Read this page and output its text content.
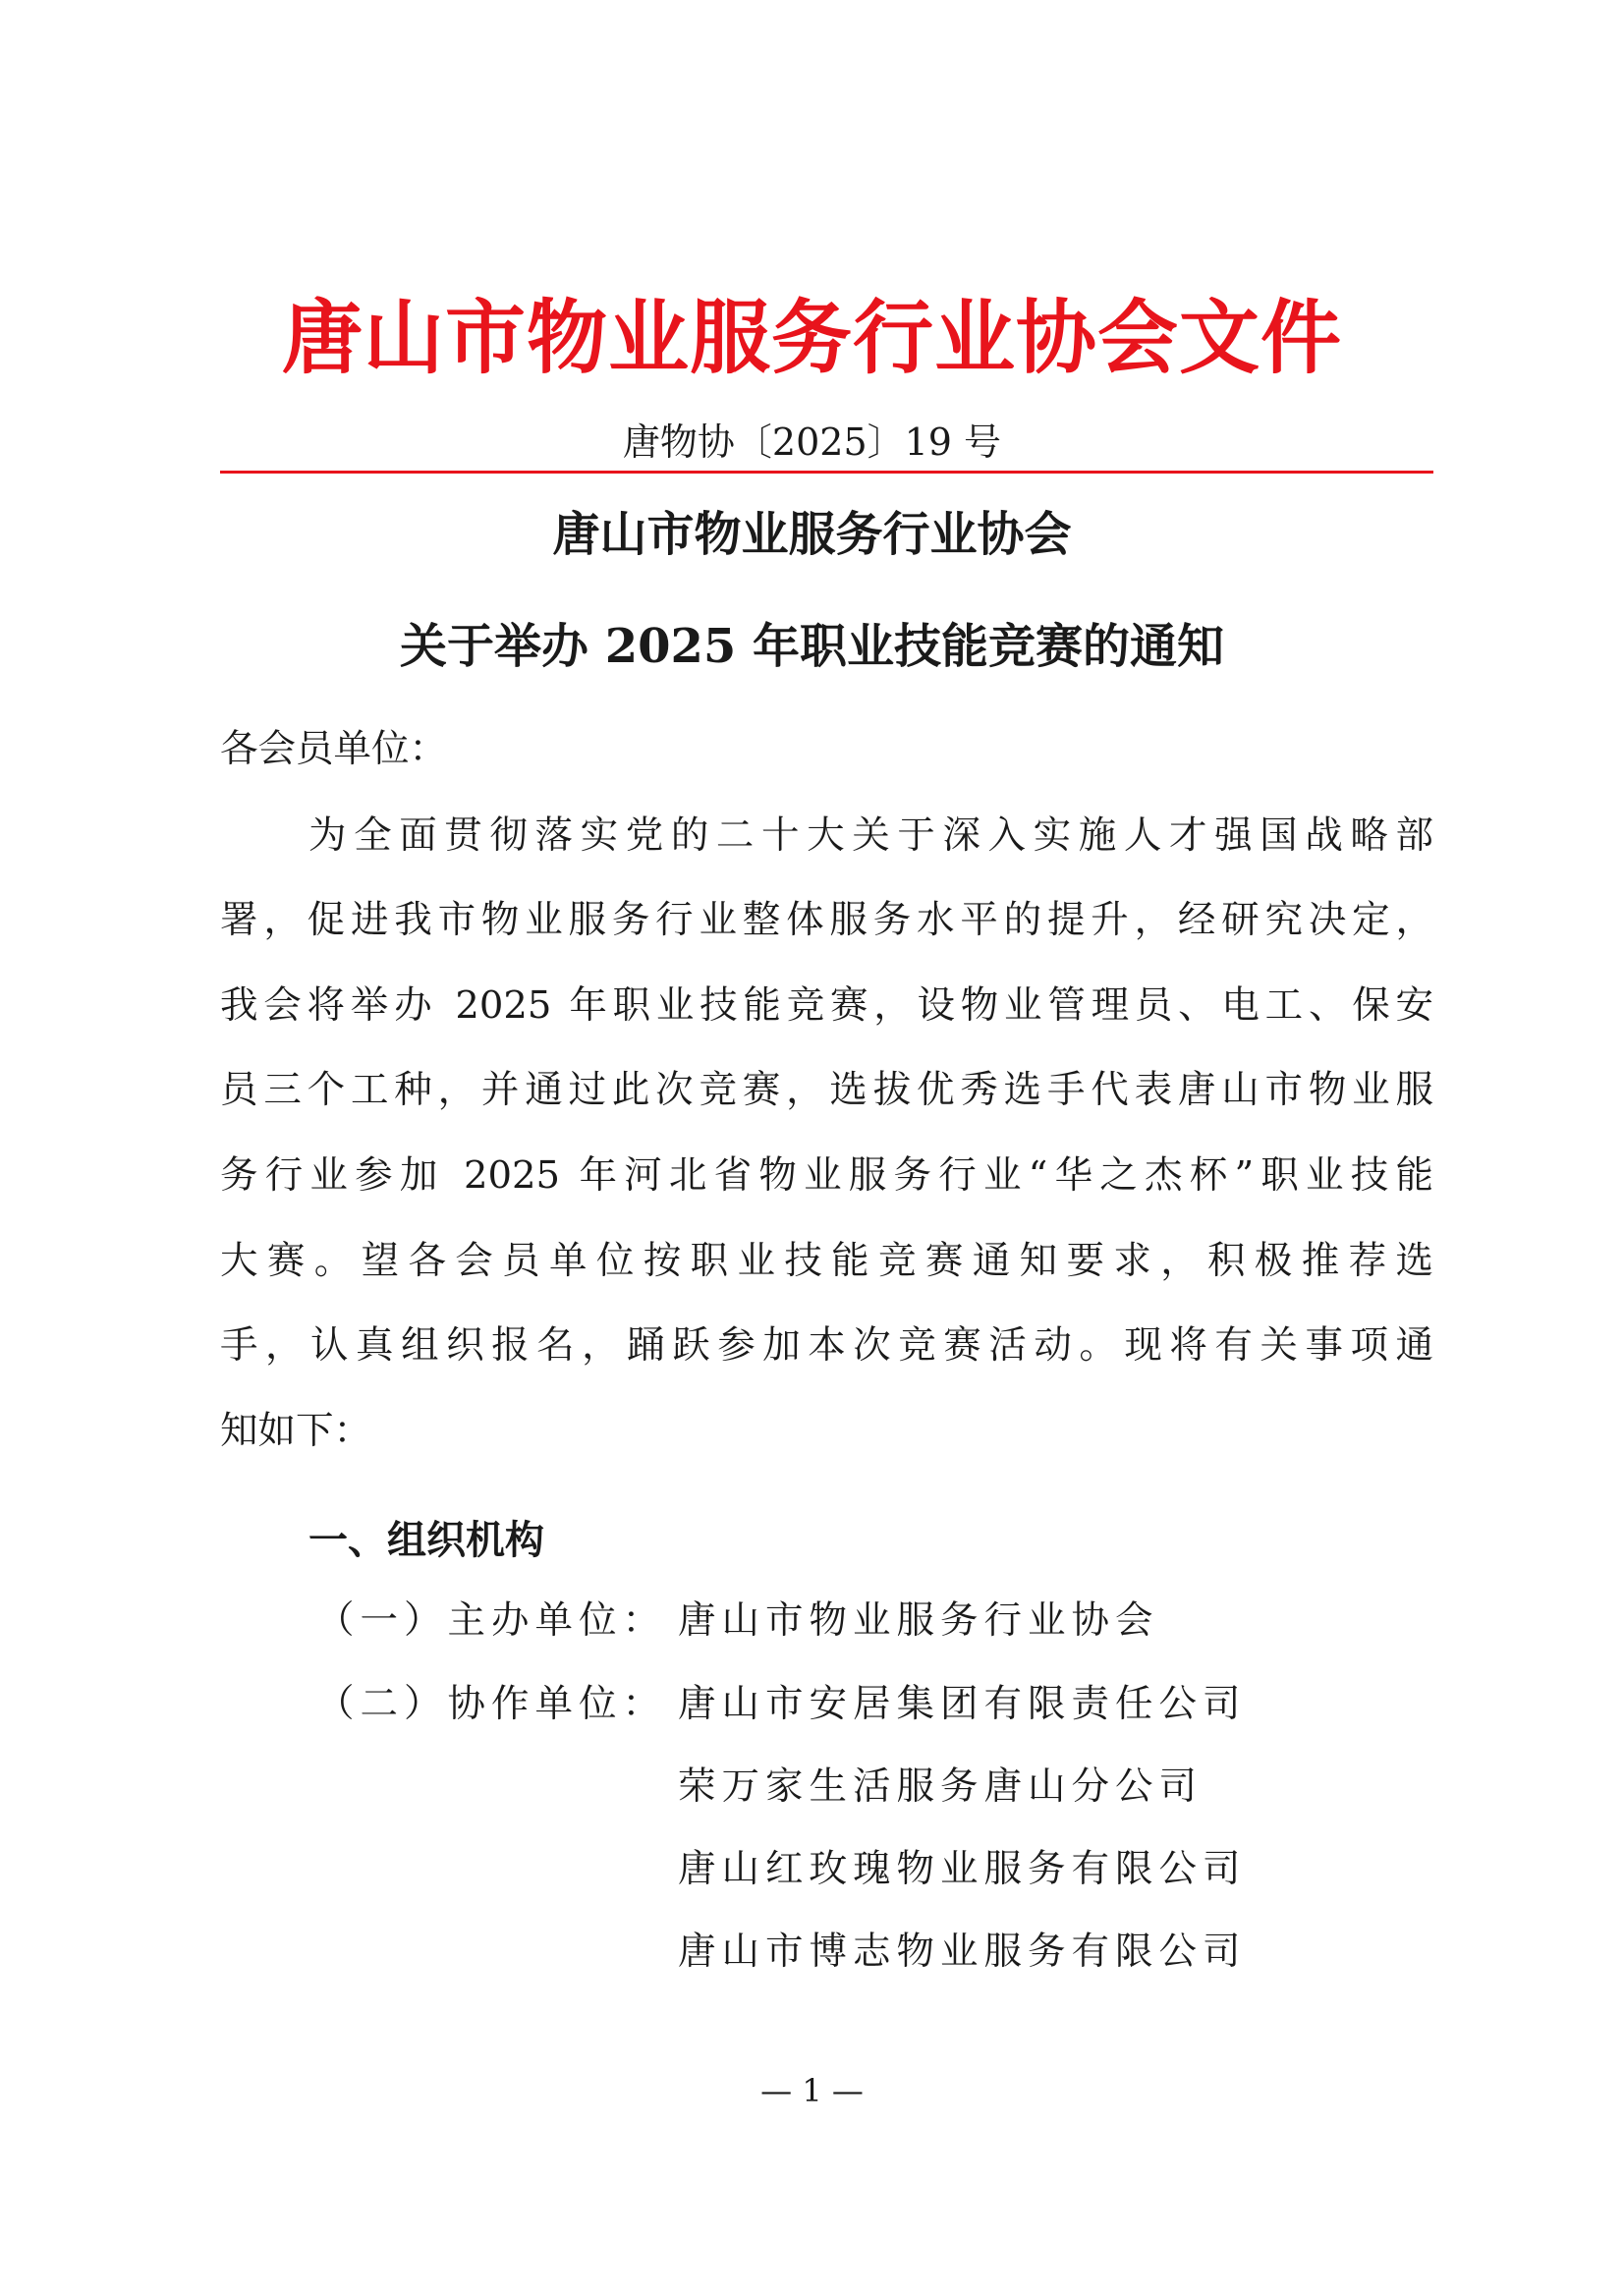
唐山市物业服务行业协会文件
唐物协〔2025〕19 号
唐山市物业服务行业协会
关于举办 2025 年职业技能竞赛的通知
各会员单位：
为全面贯彻落实党的二十大关于深入实施人才强国战略部
署，促进我市物业服务行业整体服务水平的提升，经研究决定，
我会将举办 2025 年职业技能竞赛，设物业管理员、电工、保安
员三个工种，并通过此次竞赛，选拔优秀选手代表唐山市物业服
务行业参加 2025 年河北省物业服务行业“华之杰杯”职业技能
大赛。望各会员单位按职业技能竞赛通知要求，积极推荐选
手，认真组织报名，踊跃参加本次竞赛活动。现将有关事项通
知如下：
一、组织机构
（一）主办单位： 唐山市物业服务行业协会
（二）协作单位： 唐山市安居集团有限责任公司
荣万家生活服务唐山分公司
唐山红玫瑰物业服务有限公司
唐山市博志物业服务有限公司
— 1 —
